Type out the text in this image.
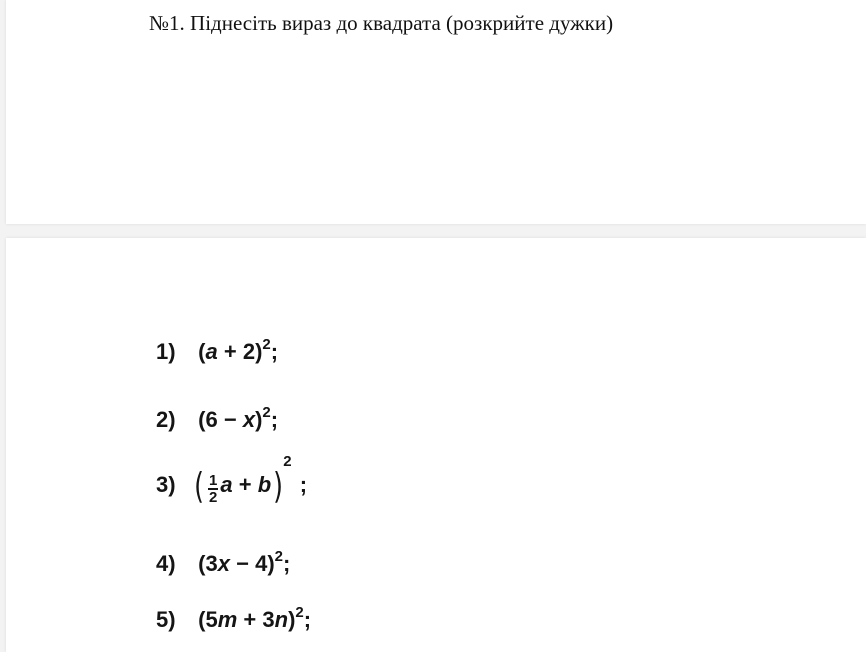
№1. Піднесіть вираз до квадрата (розкрийте дужки)
1) $(a + 2)^2$;
2) $(6 - x)^2$;
3) ( $\frac{1}{2}$ a + b)$^2$ ;
4) $(3x - 4)^2$;
5) $(5m + 3n)^2$;
